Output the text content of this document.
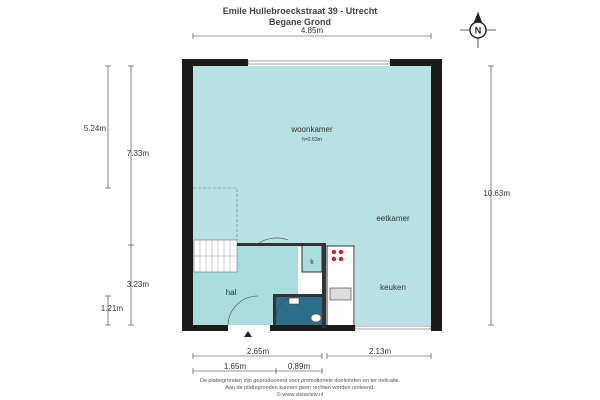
Emile Hullebroeckstraat 39 - Utrecht
Begane Grond
woonkamer
h=2.63m
eetkamer
keuken
hal
k
4.85m
5.24m
7.33m
3.23m
1.21m
10.63m
2.65m	2.13m
1.65m	0.89m
N
De plattegronden zijn geproduceerd voor promotionele doeleinden en ter indicatie.
Aan de plattegronden kunnen geen rechten worden ontleend.
© www.vistaview.nl
